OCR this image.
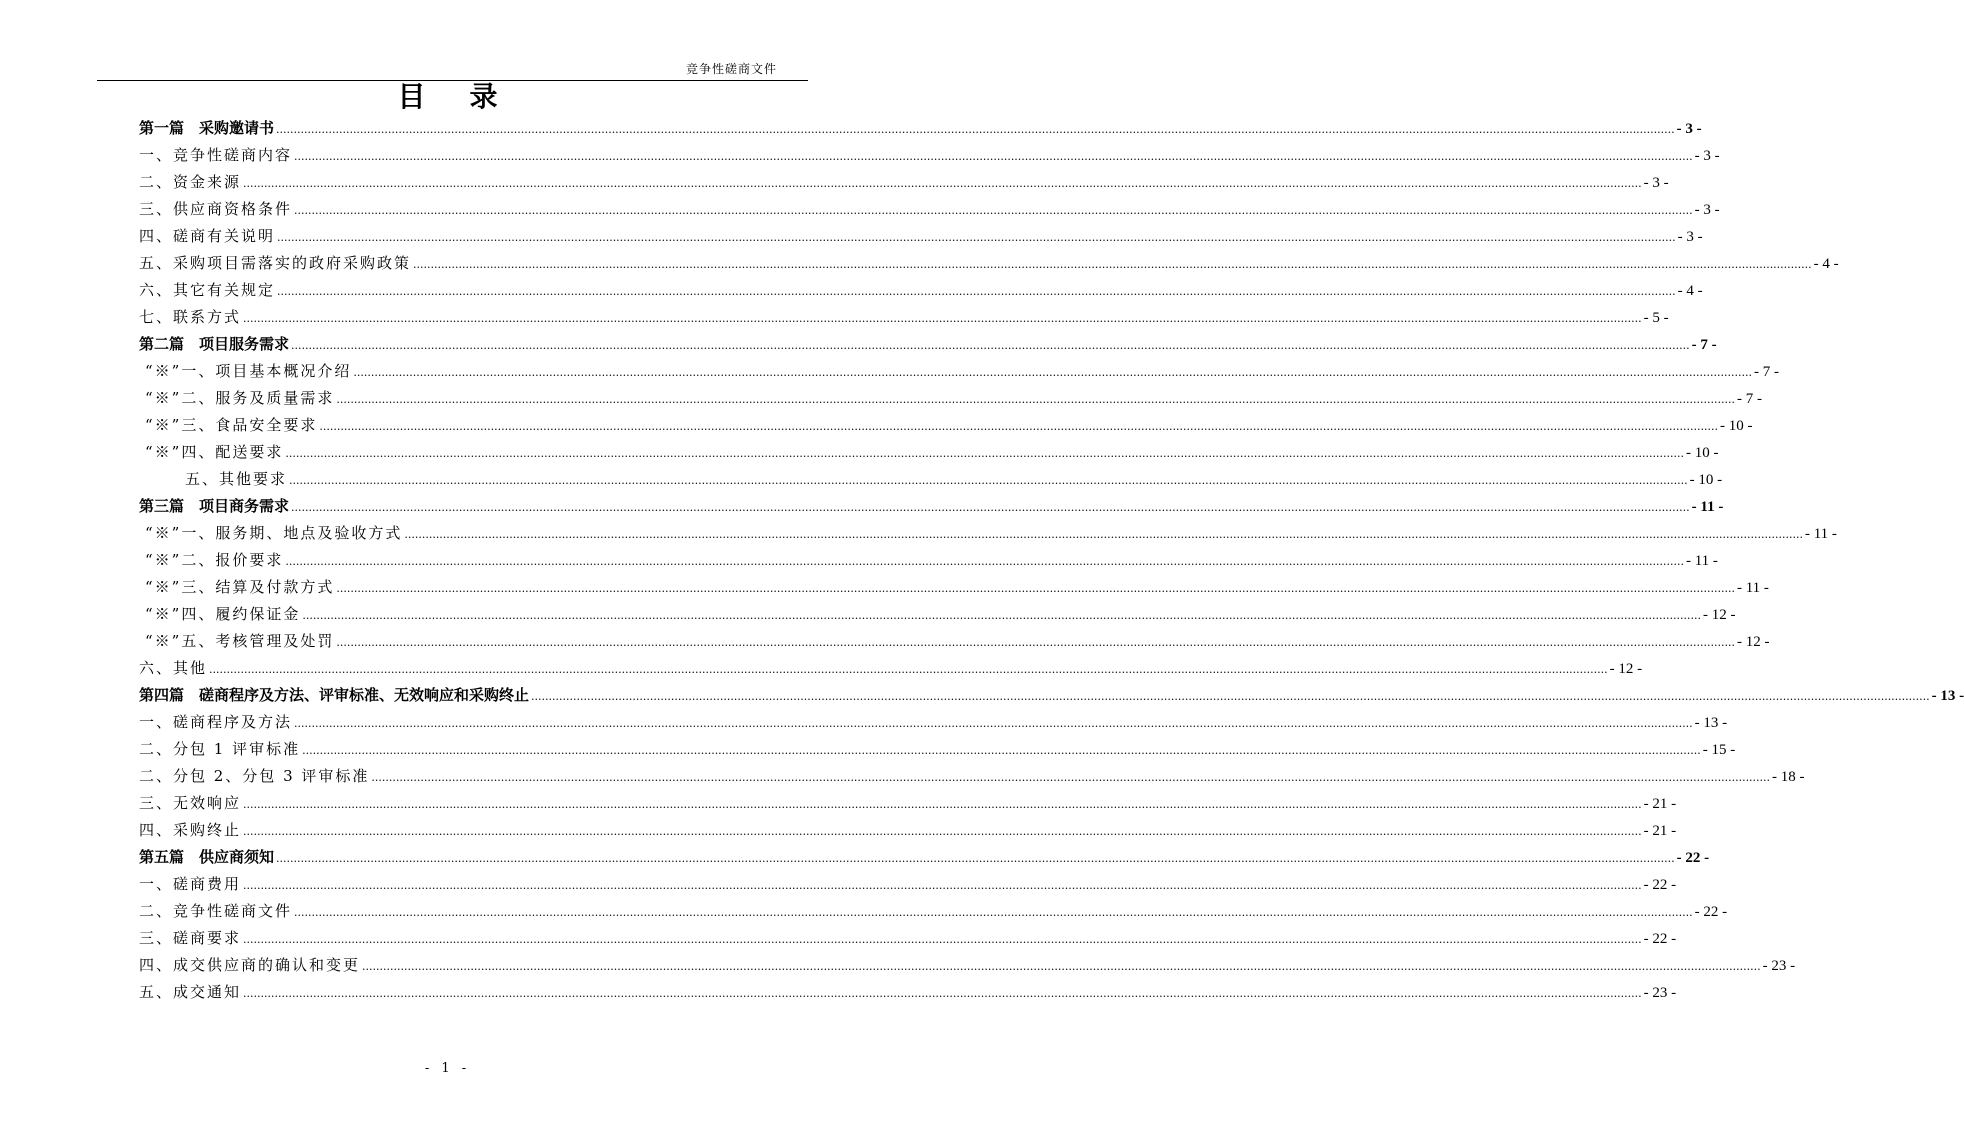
竞争性磋商文件
目录
第一篇　采购邀请书 ................................................................................................................................................................................................................................................................................................................................................................................................................ - 3 -
一、竞争性磋商内容 ................................................................................................................................................................................................................................................................................................................................................................................................................ - 3 -
二、资金来源 ................................................................................................................................................................................................................................................................................................................................................................................................................ - 3 -
三、供应商资格条件 ................................................................................................................................................................................................................................................................................................................................................................................................................ - 3 -
四、磋商有关说明 ................................................................................................................................................................................................................................................................................................................................................................................................................ - 3 -
五、采购项目需落实的政府采购政策 ................................................................................................................................................................................................................................................................................................................................................................................................................ - 4 -
六、其它有关规定 ................................................................................................................................................................................................................................................................................................................................................................................................................ - 4 -
七、联系方式 ................................................................................................................................................................................................................................................................................................................................................................................................................ - 5 -
第二篇　项目服务需求 ................................................................................................................................................................................................................................................................................................................................................................................................................ - 7 -
“※”一、项目基本概况介绍 ................................................................................................................................................................................................................................................................................................................................................................................................................ - 7 -
“※”二、服务及质量需求 ................................................................................................................................................................................................................................................................................................................................................................................................................ - 7 -
“※”三、食品安全要求 ................................................................................................................................................................................................................................................................................................................................................................................................................ - 10 -
“※”四、配送要求 ................................................................................................................................................................................................................................................................................................................................................................................................................ - 10 -
五、其他要求 ................................................................................................................................................................................................................................................................................................................................................................................................................ - 10 -
第三篇　项目商务需求 ................................................................................................................................................................................................................................................................................................................................................................................................................ - 11 -
“※”一、服务期、地点及验收方式 ................................................................................................................................................................................................................................................................................................................................................................................................................ - 11 -
“※”二、报价要求 ................................................................................................................................................................................................................................................................................................................................................................................................................ - 11 -
“※”三、结算及付款方式 ................................................................................................................................................................................................................................................................................................................................................................................................................ - 11 -
“※”四、履约保证金 ................................................................................................................................................................................................................................................................................................................................................................................................................ - 12 -
“※”五、考核管理及处罚 ................................................................................................................................................................................................................................................................................................................................................................................................................ - 12 -
六、其他 ................................................................................................................................................................................................................................................................................................................................................................................................................ - 12 -
第四篇　磋商程序及方法、评审标准、无效响应和采购终止 ................................................................................................................................................................................................................................................................................................................................................................................................................ - 13 -
一、磋商程序及方法 ................................................................................................................................................................................................................................................................................................................................................................................................................ - 13 -
二、分包 1 评审标准 ................................................................................................................................................................................................................................................................................................................................................................................................................ - 15 -
二、分包 2、分包 3 评审标准 ................................................................................................................................................................................................................................................................................................................................................................................................................ - 18 -
三、无效响应 ................................................................................................................................................................................................................................................................................................................................................................................................................ - 21 -
四、采购终止 ................................................................................................................................................................................................................................................................................................................................................................................................................ - 21 -
第五篇　供应商须知 ................................................................................................................................................................................................................................................................................................................................................................................................................ - 22 -
一、磋商费用 ................................................................................................................................................................................................................................................................................................................................................................................................................ - 22 -
二、竞争性磋商文件 ................................................................................................................................................................................................................................................................................................................................................................................................................ - 22 -
三、磋商要求 ................................................................................................................................................................................................................................................................................................................................................................................................................ - 22 -
四、成交供应商的确认和变更 ................................................................................................................................................................................................................................................................................................................................................................................................................ - 23 -
五、成交通知 ................................................................................................................................................................................................................................................................................................................................................................................................................ - 23 -
- 1 -
